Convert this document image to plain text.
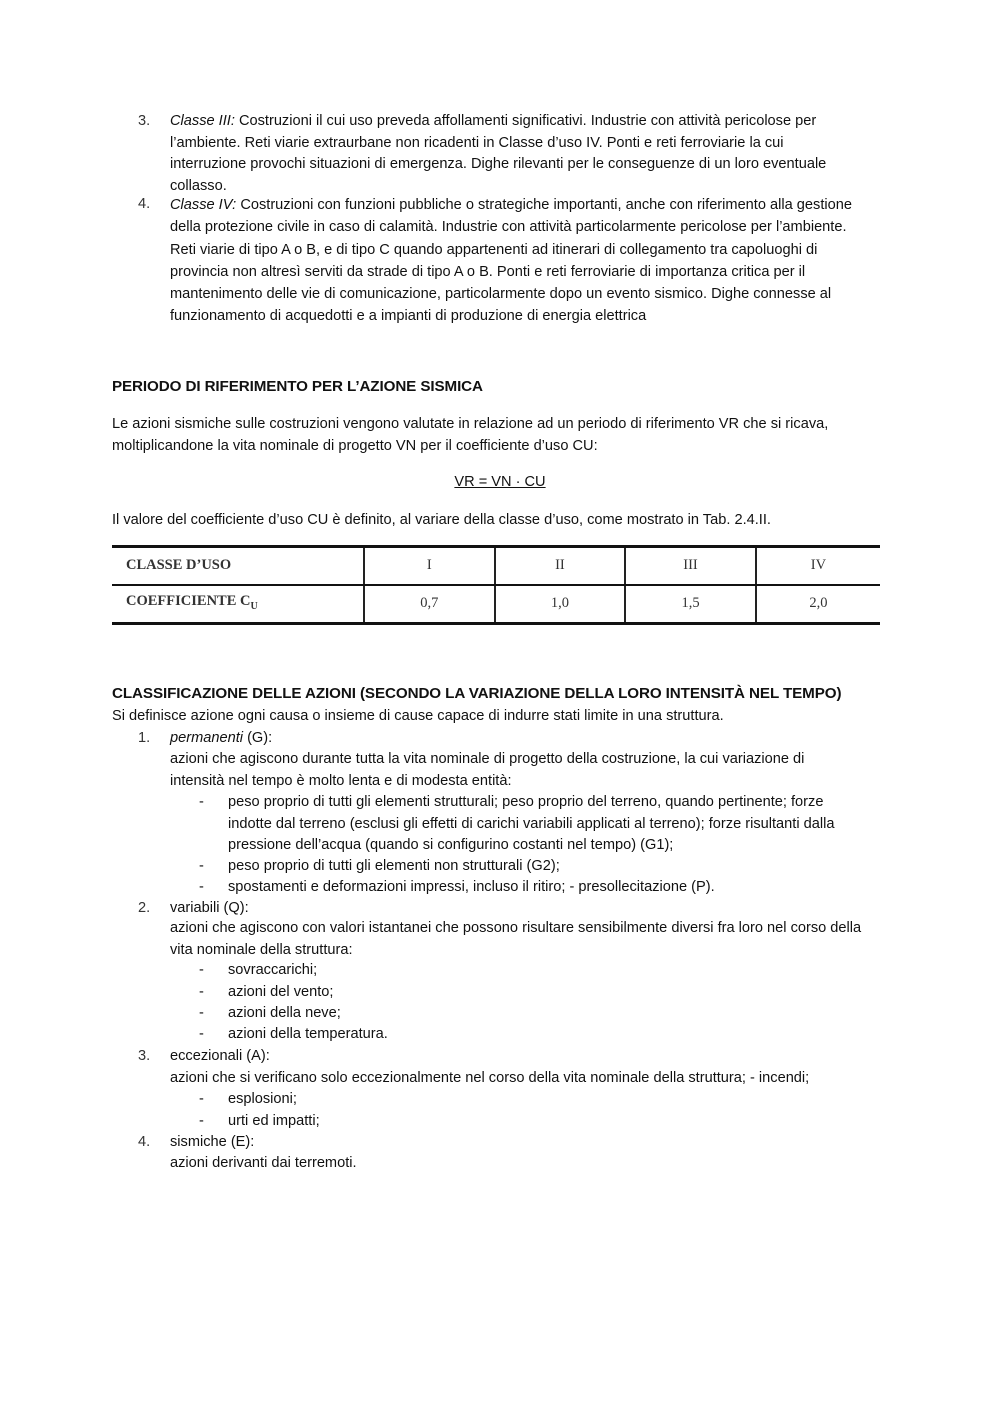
3.	Classe III: Costruzioni il cui uso preveda affollamenti significativi. Industrie con attività pericolose per l’ambiente. Reti viarie extraurbane non ricadenti in Classe d’uso IV. Ponti e reti ferroviarie la cui interruzione provochi situazioni di emergenza. Dighe rilevanti per le conseguenze di un loro eventuale collasso.
4.	Classe IV: Costruzioni con funzioni pubbliche o strategiche importanti, anche con riferimento alla gestione della protezione civile in caso di calamità. Industrie con attività particolarmente pericolose per l’ambiente. Reti viarie di tipo A o B, e di tipo C quando appartenenti ad itinerari di collegamento tra capoluoghi di provincia non altresì serviti da strade di tipo A o B. Ponti e reti ferroviarie di importanza critica per il mantenimento delle vie di comunicazione, particolarmente dopo un evento sismico. Dighe connesse al funzionamento di acquedotti e a impianti di produzione di energia elettrica
PERIODO DI RIFERIMENTO PER L’AZIONE SISMICA
Le azioni sismiche sulle costruzioni vengono valutate in relazione ad un periodo di riferimento VR che si ricava, moltiplicandone la vita nominale di progetto VN per il coefficiente d’uso CU:
VR = VN · CU
Il valore del coefficiente d’uso CU è definito, al variare della classe d’uso, come mostrato in Tab. 2.4.II.
CLASSE D’USO	I	II	III	IV
COEFFICIENTE $C_U$	0,7	1,0	1,5	2,0
CLASSIFICAZIONE DELLE AZIONI (SECONDO LA VARIAZIONE DELLA LORO INTENSITÀ NEL TEMPO)
Si definisce azione ogni causa o insieme di cause capace di indurre stati limite in una struttura.
1.	permanenti (G):
azioni che agiscono durante tutta la vita nominale di progetto della costruzione, la cui variazione di intensità nel tempo è molto lenta e di modesta entità:
- peso proprio di tutti gli elementi strutturali; peso proprio del terreno, quando pertinente; forze indotte dal terreno (esclusi gli effetti di carichi variabili applicati al terreno); forze risultanti dalla pressione dell’acqua (quando si configurino costanti nel tempo) (G1);
- peso proprio di tutti gli elementi non strutturali (G2);
- spostamenti e deformazioni impressi, incluso il ritiro; - presollecitazione (P).
2.	variabili (Q):
azioni che agiscono con valori istantanei che possono risultare sensibilmente diversi fra loro nel corso della vita nominale della struttura:
- sovraccarichi;
- azioni del vento;
- azioni della neve;
- azioni della temperatura.
3.	eccezionali (A):
azioni che si verificano solo eccezionalmente nel corso della vita nominale della struttura; - incendi;
- esplosioni;
- urti ed impatti;
4.	sismiche (E):
azioni derivanti dai terremoti.
